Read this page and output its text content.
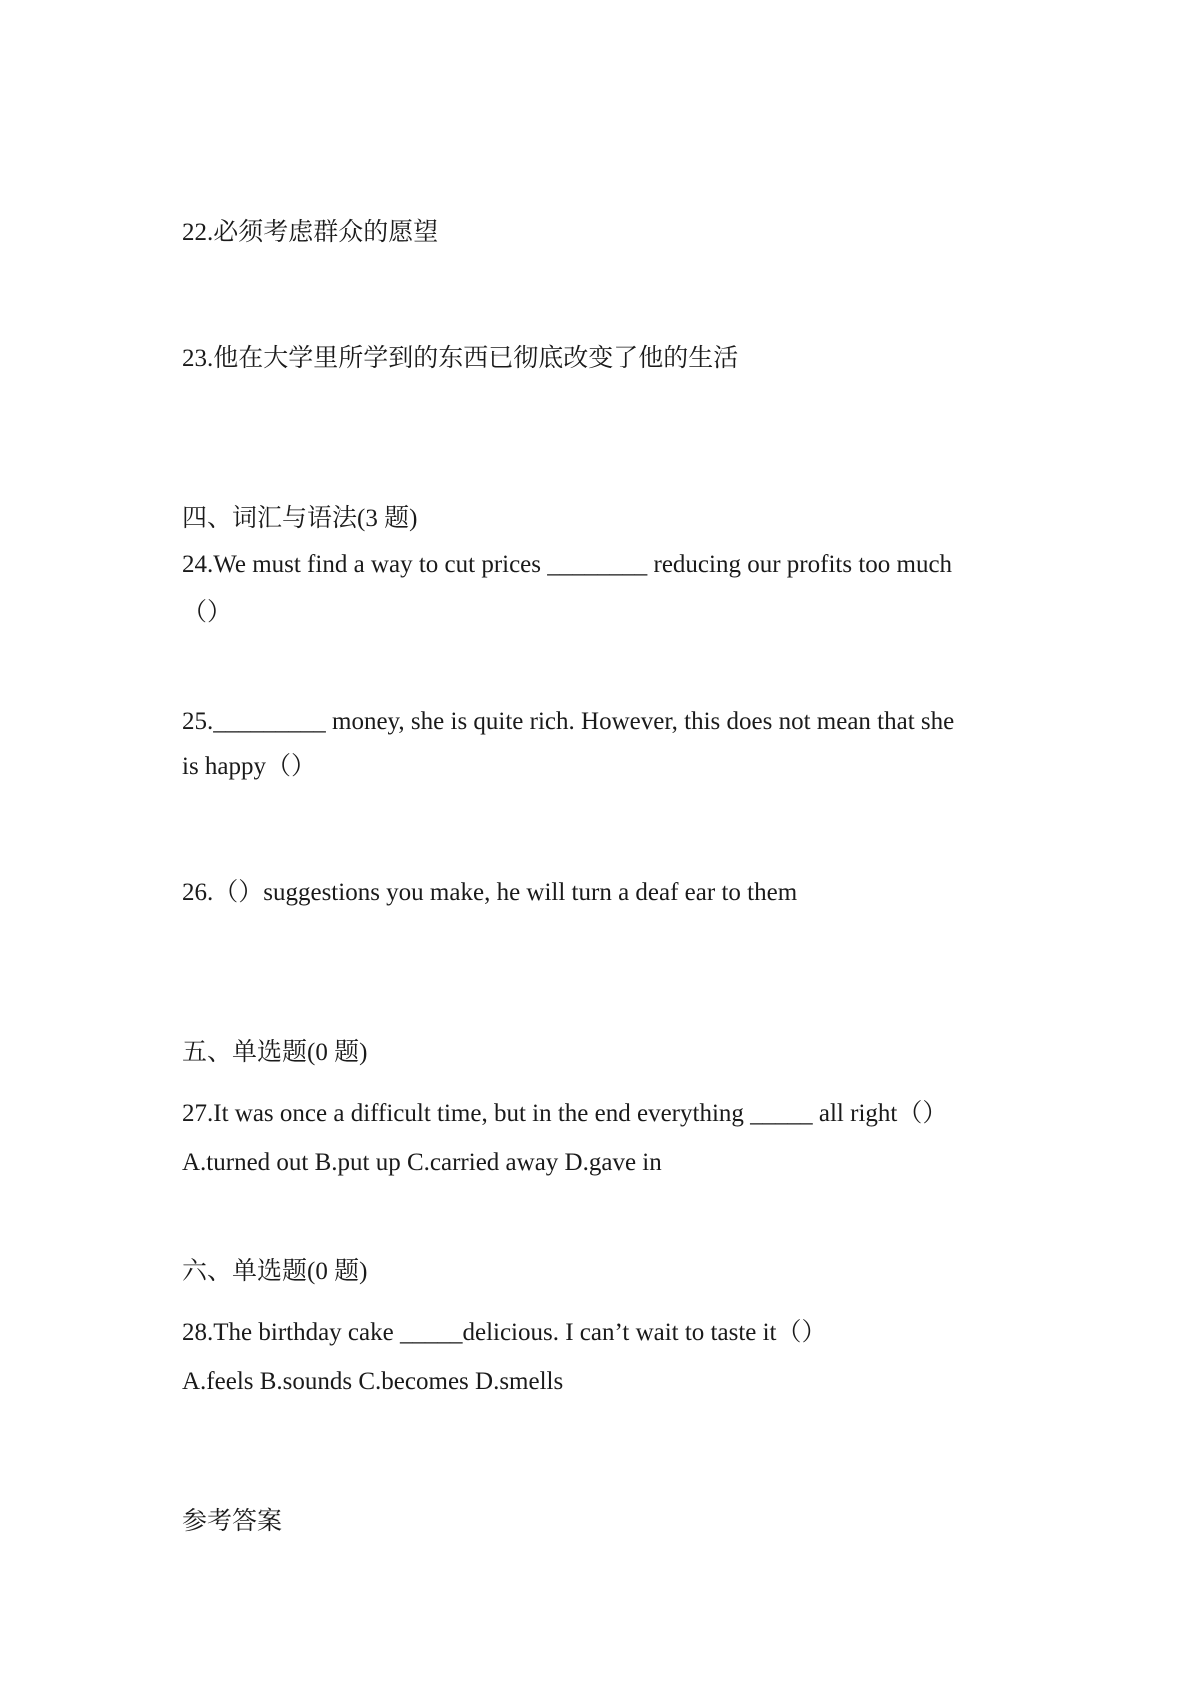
22.必须考虑群众的愿望

23.他在大学里所学到的东西已彻底改变了他的生活

四、词汇与语法(3 题)

24.We must find a way to cut prices ________ reducing our profits too much

（）

25._________ money, she is quite rich. However, this does not mean that she

is happy（）

26.（）suggestions you make, he will turn a deaf ear to them

五、单选题(0 题)

27.It was once a difficult time, but in the end everything _____ all right（）

A.turned out B.put up C.carried away D.gave in

六、单选题(0 题)

28.The birthday cake _____delicious. I can’t wait to taste it（）

A.feels B.sounds C.becomes D.smells

参考答案
